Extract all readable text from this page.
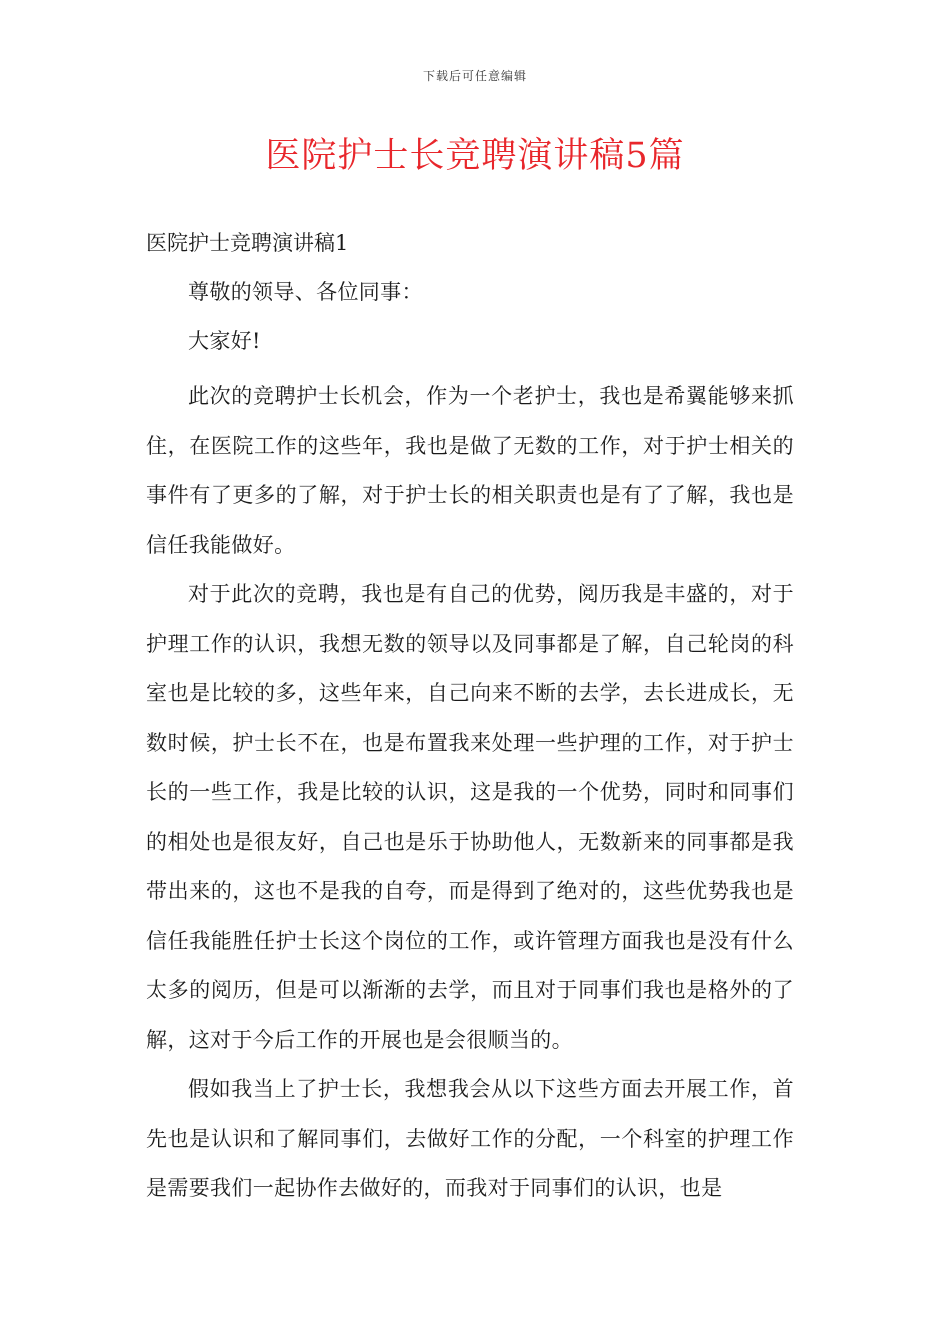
下载后可任意编辑
医院护士长竞聘演讲稿5篇
医院护士竞聘演讲稿1

尊敬的领导、各位同事：

大家好!

此次的竞聘护士长机会，作为一个老护士，我也是希翼能够来抓住，在医院工作的这些年，我也是做了无数的工作，对于护士相关的事件有了更多的了解，对于护士长的相关职责也是有了了解，我也是信任我能做好。

对于此次的竞聘，我也是有自己的优势，阅历我是丰盛的，对于护理工作的认识，我想无数的领导以及同事都是了解，自己轮岗的科室也是比较的多，这些年来，自己向来不断的去学，去长进成长，无数时候，护士长不在，也是布置我来处理一些护理的工作，对于护士长的一些工作，我是比较的认识，这是我的一个优势，同时和同事们的相处也是很友好，自己也是乐于协助他人，无数新来的同事都是我带出来的，这也不是我的自夸，而是得到了绝对的，这些优势我也是信任我能胜任护士长这个岗位的工作，或许管理方面我也是没有什么太多的阅历，但是可以渐渐的去学，而且对于同事们我也是格外的了解，这对于今后工作的开展也是会很顺当的。

假如我当上了护士长，我想我会从以下这些方面去开展工作，首先也是认识和了解同事们，去做好工作的分配，一个科室的护理工作是需要我们一起协作去做好的，而我对于同事们的认识，也是
